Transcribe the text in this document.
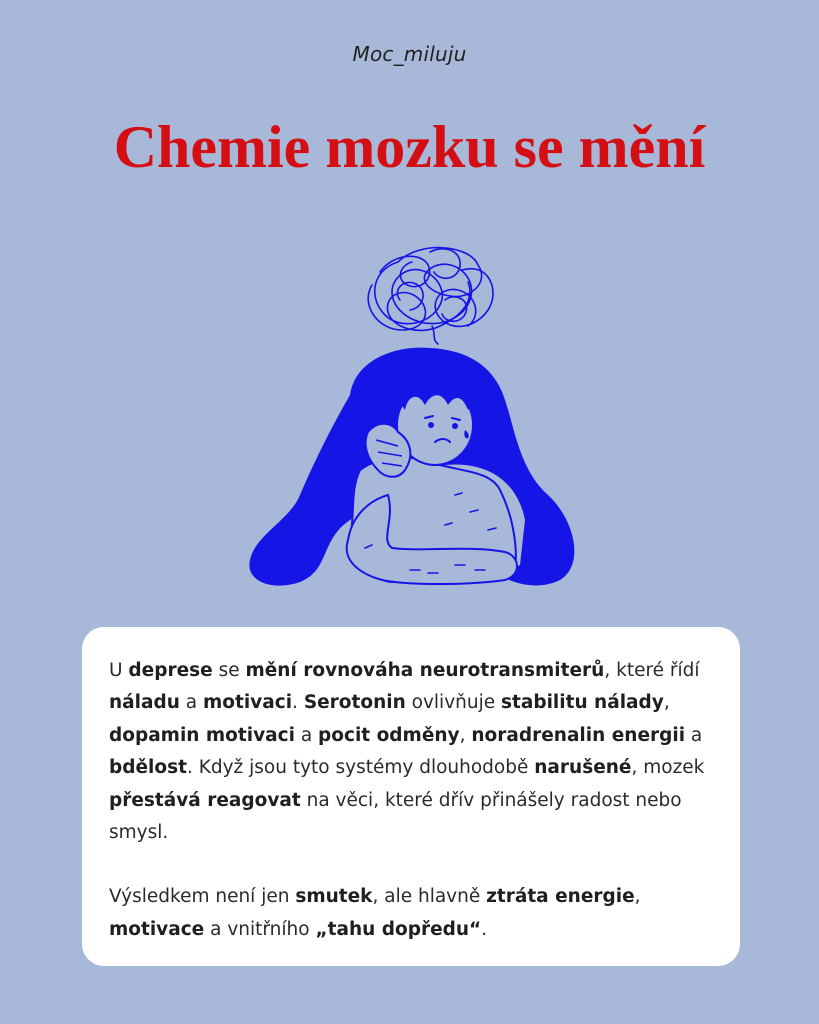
Moc_miluju
Chemie mozku se mění

U deprese se mění rovnováha neurotransmiterů, které řídí náladu a motivaci. Serotonin ovlivňuje stabilitu nálady, dopamin motivaci a pocit odměny, noradrenalin energii a bdělost. Když jsou tyto systémy dlouhodobě narušené, mozek přestává reagovat na věci, které dřív přinášely radost nebo smysl.

Výsledkem není jen smutek, ale hlavně ztráta energie, motivace a vnitřního „tahu dopředu“.
